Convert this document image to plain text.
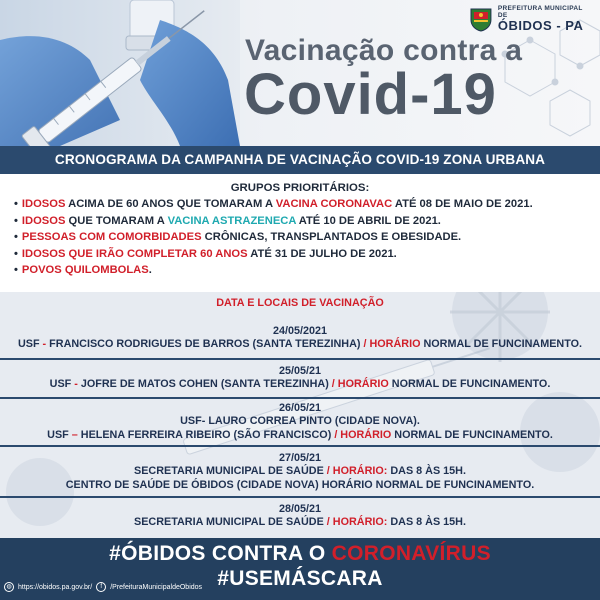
Vacinação contra a
Covid-19
PREFEITURA MUNICIPAL DE
ÓBIDOS - PA
CRONOGRAMA DA CAMPANHA DE VACINAÇÃO COVID-19 ZONA URBANA
GRUPOS PRIORITÁRIOS:
• IDOSOS ACIMA DE 60 ANOS QUE TOMARAM A VACINA CORONAVAC ATÉ 08 DE MAIO DE 2021.
• IDOSOS QUE TOMARAM A VACINA ASTRAZENECA ATÉ 10 DE ABRIL DE 2021.
• PESSOAS COM COMORBIDADES CRÔNICAS, TRANSPLANTADOS E OBESIDADE.
• IDOSOS QUE IRÃO COMPLETAR 60 ANOS ATÉ 31 DE JULHO DE 2021.
• POVOS QUILOMBOLAS.
DATA E LOCAIS DE VACINAÇÃO
24/05/2021
USF - FRANCISCO RODRIGUES DE BARROS (SANTA TEREZINHA) / HORÁRIO NORMAL DE FUNCINAMENTO.
25/05/21
USF - JOFRE DE MATOS COHEN (SANTA TEREZINHA) / HORÁRIO NORMAL DE FUNCINAMENTO.
26/05/21
USF- LAURO CORREA PINTO (CIDADE NOVA).
USF – HELENA FERREIRA RIBEIRO (SÃO FRANCISCO) / HORÁRIO NORMAL DE FUNCINAMENTO.
27/05/21
SECRETARIA MUNICIPAL DE SAÚDE / HORÁRIO: DAS 8 ÀS 15H.
CENTRO DE SAÚDE DE ÓBIDOS (CIDADE NOVA) HORÁRIO NORMAL DE FUNCINAMENTO.
28/05/21
SECRETARIA MUNICIPAL DE SAÚDE / HORÁRIO: DAS 8 ÀS 15H.
#ÓBIDOS CONTRA O CORONAVÍRUS
#USEMÁSCARA
◍ https://obidos.pa.gov.br/	f	/PrefeituraMunicipaldeObidos
